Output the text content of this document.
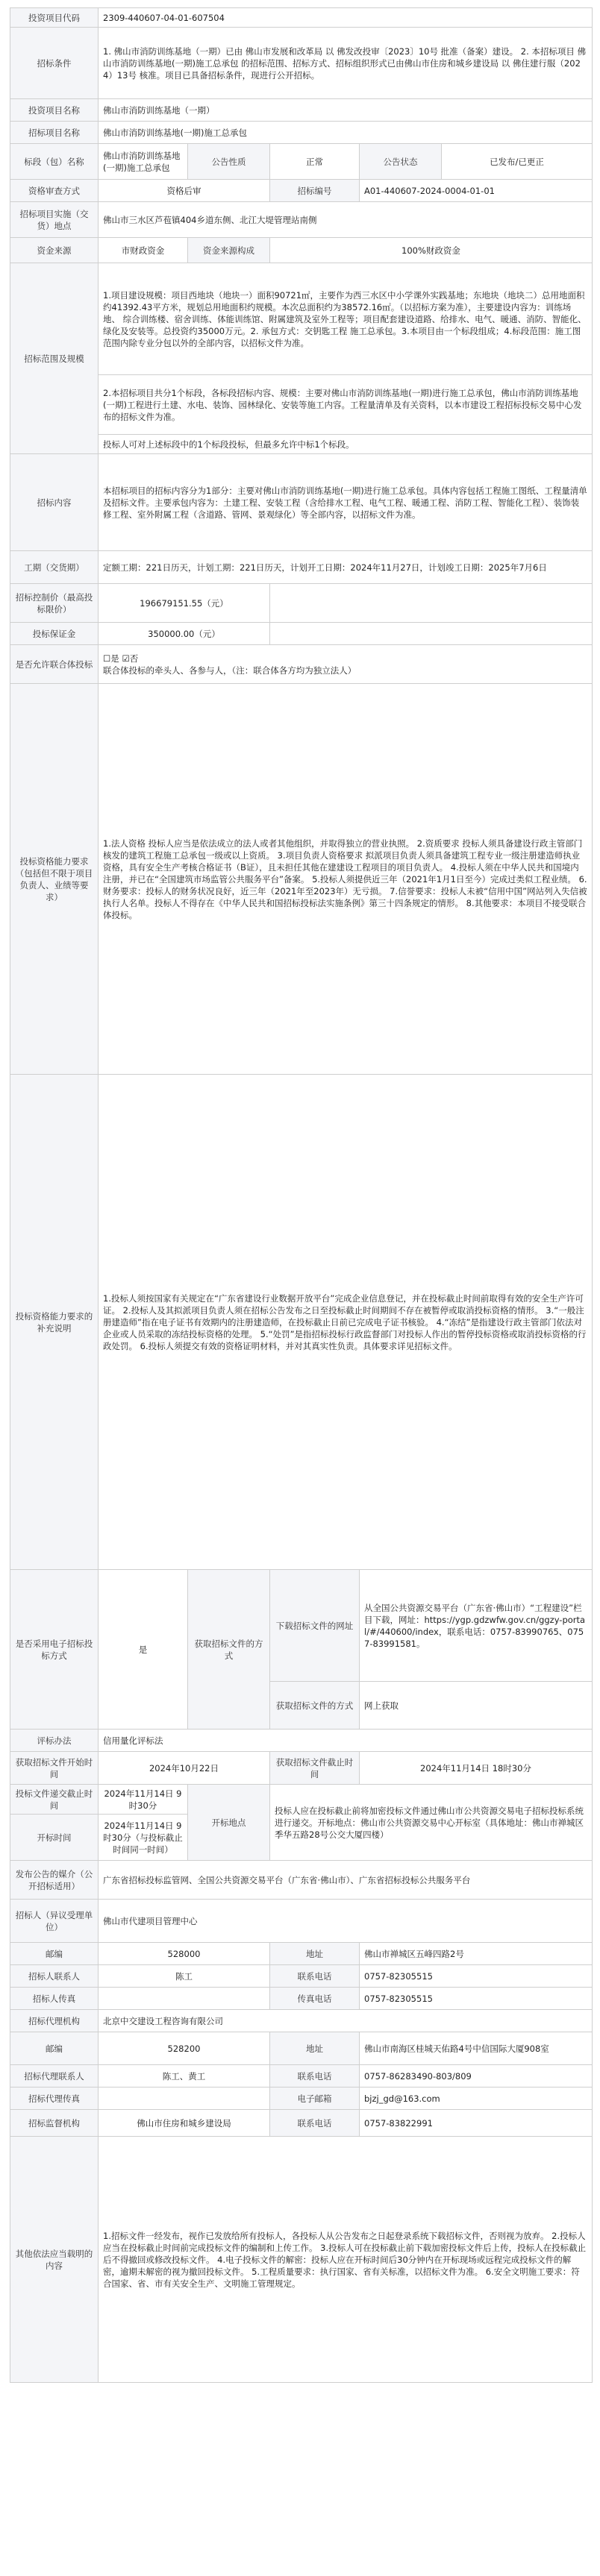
投资项目代码	2309-440607-04-01-607504				
招标条件	1. 佛山市消防训练基地（一期）已由 佛山市发展和改革局 以 佛发改投审〔2023〕10号 批准（备案）建设。 2. 本招标项目 佛山市消防训练基地(一期)施工总承包 的招标范围、招标方式、招标组织形式已由佛山市住房和城乡建设局 以 佛住建行服（2024）13号 核准。项目已具备招标条件，现进行公开招标。				
投资项目名称	佛山市消防训练基地（一期）				
招标项目名称	佛山市消防训练基地(一期)施工总承包				
标段（包）名称	佛山市消防训练基地(一期)施工总承包	公告性质	正常	公告状态	已发布/已更正
资格审查方式	资格后审		招标编号	A01-440607-2024-0004-01-01	
招标项目实施（交货）地点	佛山市三水区芦苞镇404乡道东侧、北江大堤管理站南侧				
资金来源	市财政资金	资金来源构成	100%财政资金		
招标范围及规模	1.项目建设规模：项目西地块（地块一）面积90721㎡，主要作为西三水区中小学课外实践基地；东地块（地块二）总用地面积约41392.43平方米，规划总用地面积约规模。本次总面积约为38572.16㎡。（以招标方案为准），主要建设内容为：训练场地、 综合训练楼、宿舍训练、体能训练馆、附属建筑及室外工程等；项目配套建设道路、给排水、电气、暖通、消防、智能化、绿化及安装等。总投资约35000万元。2. 承包方式：交钥匙工程 施工总承包。3.本项目由一个标段组成；4.标段范围：施工图范围内除专业分包以外的全部内容，以招标文件为准。				
	2.本招标项目共分1个标段，各标段招标内容、规模：主要对佛山市消防训练基地(一期)进行施工总承包，佛山市消防训练基地(一期)工程进行土建、水电、装饰、园林绿化、安装等施工内容。工程量清单及有关资料，以本市建设工程招标投标交易中心发布的招标文件为准。				
	投标人可对上述标段中的1个标段投标，但最多允许中标1个标段。				
招标内容	本招标项目的招标内容分为1部分：主要对佛山市消防训练基地(一期)进行施工总承包。具体内容包括工程施工图纸、工程量清单及招标文件。主要承包内容为：土建工程、安装工程（含给排水工程、电气工程、暖通工程、消防工程、智能化工程）、装饰装修工程、室外附属工程（含道路、管网、景观绿化）等全部内容，以招标文件为准。				
工期（交货期）	定额工期：221日历天，计划工期：221日历天，计划开工日期：2024年11月27日，计划竣工日期：2025年7月6日				
招标控制价（最高投标限价）	196679151.55（元）				
投标保证金	350000.00（元）				
是否允许联合体投标	☐是 ☑否
联合体投标的牵头人、各参与人，（注：联合体各方均为独立法人）				

投标资格能力要求（包括但不限于项目负责人、业绩等要求）	1.法人资格 投标人应当是依法成立的法人或者其他组织，并取得独立的营业执照。 2.资质要求 投标人须具备建设行政主管部门核发的建筑工程施工总承包一级或以上资质。 3.项目负责人资格要求 拟派项目负责人须具备建筑工程专业一级注册建造师执业资格，具有安全生产考核合格证书（B证），且未担任其他在建建设工程项目的项目负责人。 4.投标人须在中华人民共和国境内注册，并已在“全国建筑市场监管公共服务平台”备案。 5.投标人须提供近三年（2021年1月1日至今）完成过类似工程业绩。 6.财务要求：投标人的财务状况良好，近三年（2021年至2023年）无亏损。 7.信誉要求：投标人未被“信用中国”网站列入失信被执行人名单。投标人不得存在《中华人民共和国招标投标法实施条例》第三十四条规定的情形。 8.其他要求：本项目不接受联合体投标。				
投标资格能力要求的补充说明	1.投标人须按国家有关规定在“广东省建设行业数据开放平台”完成企业信息登记，并在投标截止时间前取得有效的安全生产许可证。 2.投标人及其拟派项目负责人须在招标公告发布之日至投标截止时间期间不存在被暂停或取消投标资格的情形。 3.“一般注册建造师”指在电子证书有效期内的注册建造师，在投标截止日前已完成电子证书核验。 4.“冻结”是指建设行政主管部门依法对企业或人员采取的冻结投标资格的处理。 5.“处罚”是指招标投标行政监督部门对投标人作出的暂停投标资格或取消投标资格的行政处罚。 6.投标人须提交有效的资格证明材料，并对其真实性负责。具体要求详见招标文件。				
是否采用电子招标投标方式	是	获取招标文件的方式	下载招标文件的网址	从全国公共资源交易平台（广东省·佛山市）“工程建设”栏目下载，网址：https://ygp.gdzwfw.gov.cn/ggzy-portal/#/440600/index，联系电话：0757-83990765、0757-83991581。	
			获取招标文件的方式	网上获取	
评标办法	信用量化评标法				
获取招标文件开始时间	2024年10月22日		获取招标文件截止时间	2024年11月14日 18时30分	
投标文件递交截止时间	2024年11月14日 9时30分	开标地点	投标人应在投标截止前将加密投标文件通过佛山市公共资源交易电子招标投标系统进行递交。开标地点：佛山市公共资源交易中心开标室（具体地址：佛山市禅城区季华五路28号公交大厦四楼）		
开标时间	2024年11月14日 9时30分（与投标截止时间同一时间）				
发布公告的媒介（公开招标适用）	广东省招标投标监管网、全国公共资源交易平台（广东省·佛山市）、广东省招标投标公共服务平台				
招标人（异议受理单位）	佛山市代建项目管理中心				
邮编	528000		地址	佛山市禅城区五峰四路2号	
招标人联系人	陈工		联系电话	0757-82305515	
招标人传真			传真电话	0757-82305515	
招标代理机构	北京中交建设工程咨询有限公司				
邮编	528200		地址	佛山市南海区桂城天佑路4号中信国际大厦908室	
招标代理联系人	陈工、黄工		联系电话	0757-86283490-803/809	
招标代理传真			电子邮箱	bjzj_gd@163.com	
招标监督机构	佛山市住房和城乡建设局		联系电话	0757-83822991	
其他依法应当载明的内容	1.招标文件一经发布，视作已发放给所有投标人，各投标人从公告发布之日起登录系统下载招标文件，否则视为放弃。 2.投标人应当在投标截止时间前完成投标文件的编制和上传工作。 3.投标人可在投标截止前下载加密投标文件后上传，投标人在投标截止后不得撤回或修改投标文件。 4.电子投标文件的解密：投标人应在开标时间后30分钟内在开标现场或远程完成投标文件的解密，逾期未解密的视为撤回投标文件。 5.工程质量要求：执行国家、省有关标准，以招标文件为准。 6.安全文明施工要求：符合国家、省、市有关安全生产、文明施工管理规定。				
